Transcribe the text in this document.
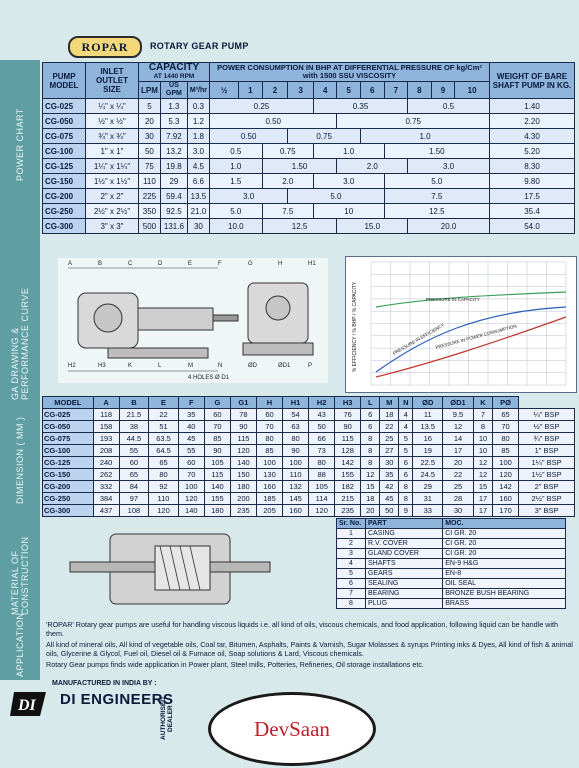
POWER CHART
GA DRAWING & PERFORMANCE CURVE
DIMENSION ( MM )
MATERIAL OF CONSTRUCTION
APPLICATION
ROPAR	ROTARY GEAR PUMP
PUMP MODEL	INLET OUTLET SIZE	CAPACITY
AT 1440 RPM			POWER CONSUMPTION IN BHP AT DIFFERENTIAL PRESSURE OF kg/Cm² with 1500 SSU VISCOSITY											WEIGHT OF BARE SHAFT PUMP IN KG.
		LPM	US GPM	M³/hr	½	1	2	3	4	5	6	7	8	9	10	
CG-025	¼" x ¼"	5	1.3	0.3	0.25				0.35				0.5			1.40
CG-050	½" x ½"	20	5.3	1.2	0.50					0.75						2.20
CG-075	¾" x ¾"	30	7.92	1.8	0.50			0.75			1.0					4.30
CG-100	1" x 1"	50	13.2	3.0	0.5		0.75		1.0			1.50				5.20
CG-125	1¼" x 1¼"	75	19.8	4.5	1.0		1.50			2.0			3.0			8.30
CG-150	1½" x 1½"	110	29	6.6	1.5		2.0		3.0			5.0				9.80
CG-200	2" x 2"	225	59.4	13.5	3.0			5.0				7.5				17.5
CG-250	2½" x 2½"	350	92.5	21.0	5.0		7.5		10			12.5				35.4
CG-300	3" x 3"	500	131.6	30	10.0		12.5			15.0			20.0			54.0
4 HOLES Ø D1
A	B	C	D	E	F	G	H	H1
H2	H3	K	L	M	N	ØD	ØD1	P	% EFFICIENCY / % BHP / % CAPACITY	PRESSURE IN CAPACITY
PRESSURE IN EFFICIENCY
PRESSURE IN POWER CONSUMPTION
MODEL	A	B	E	F	G	G1	H	H1	H2	H3	L	M	N	ØD	ØD1	K	PØ	
CG-025	118	21.5	22	35	60	78	60	54	43	76	6	18	4	11	9.5	7	65	¼" BSP
CG-050	158	38	51	40	70	90	70	63	50	90	6	22	4	13.5	12	8	70	½" BSP
CG-075	193	44.5	63.5	45	85	115	80	80	66	115	8	25	5	16	14	10	80	¾" BSP
CG-100	208	55	64.5	55	90	120	85	90	73	128	8	27	5	19	17	10	85	1" BSP
CG-125	240	60	65	60	105	140	100	100	80	142	8	30	6	22.5	20	12	100	1¼" BSP
CG-150	262	65	80	70	115	150	130	110	88	155	12	35	6	24.5	22	12	120	1½" BSP
CG-200	332	84	92	100	140	180	160	132	105	182	15	42	8	29	25	15	142	2" BSP
CG-250	384	97	110	120	155	200	185	145	114	215	18	45	8	31	28	17	160	2½" BSP
CG-300	437	108	120	140	180	235	205	160	120	235	20	50	9	33	30	17	170	3" BSP
Sr. No.	PART	MOC.
1	CASING	CI GR. 20
2	R.V. COVER	CI GR. 20
3	GLAND COVER	CI GR. 20
4	SHAFTS	EN-9 H&G
5	GEARS	EN-8
6	SEALING	OIL SEAL
7	BEARING	BRONZE BUSH BEARING
8	PLUG	BRASS

'ROPAR' Rotary gear pumps are useful for handling viscous liquids i.e. all kind of oils, viscous chemicals, and food application, following liquid can be handle with them.

All kind of mineral oils, All kind of vegetable oils, Coal tar, Bitumen, Asphalts, Paints & Varnish, Sugar Molasses & syrups Printing inks & Dyes, All kind of fish & animal oils, Glycerine & Glycol, Fuel oil, Diesel oil & Furnace oil, Soap solutions & Lard, Viscous chemicals.

Rotary Gear pumps finds wide application in Power plant, Steel mills, Potteries, Refineries, Oil storage installations etc.

DI
MANUFACTURED IN INDIA BY :
DI ENGINEERS
AUTHORISED DEALER	DevSaan
